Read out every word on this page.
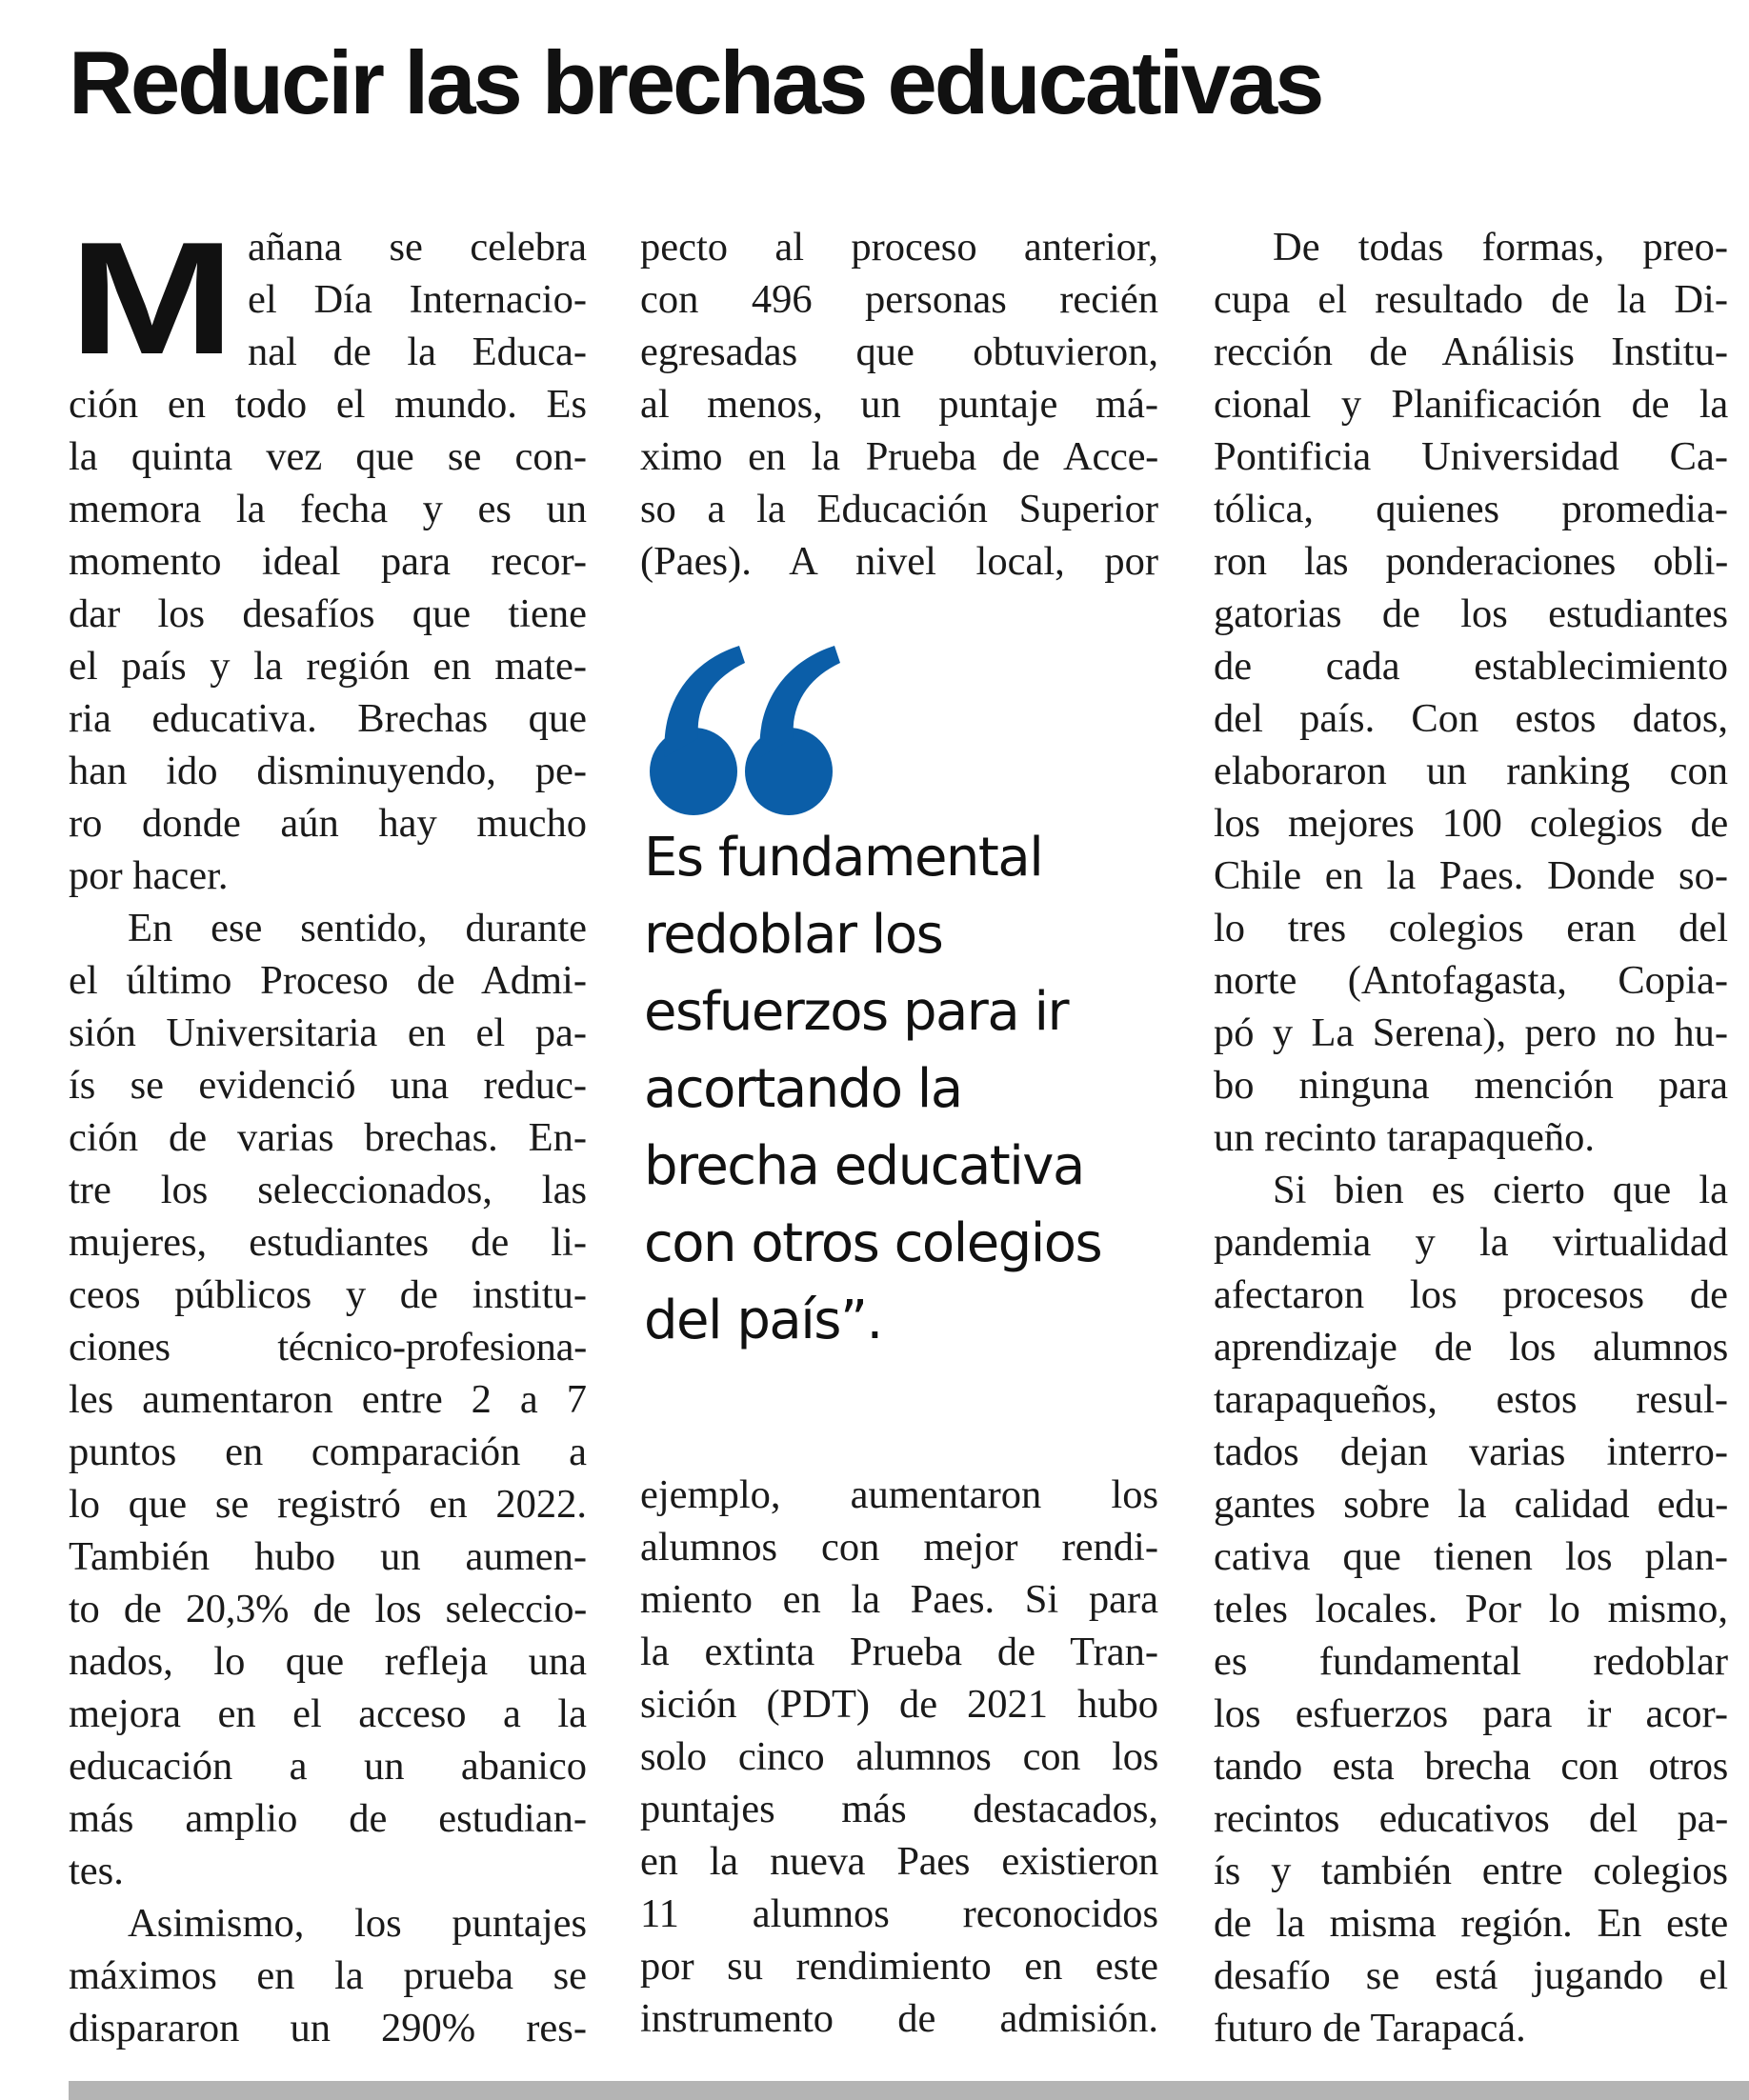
Reducir las brechas educativas
M añana se celebra

el Día Internacio-

nal de la Educa-

ción en todo el mundo. Es

la quinta vez que se con-

memora la fecha y es un

momento ideal para recor-

dar los desafíos que tiene

el país y la región en mate-

ria educativa. Brechas que

han ido disminuyendo, pe-

ro donde aún hay mucho

por hacer.

En ese sentido, durante

el último Proceso de Admi-

sión Universitaria en el pa-

ís se evidenció una reduc-

ción de varias brechas. En-

tre los seleccionados, las

mujeres, estudiantes de li-

ceos públicos y de institu-

ciones técnico-profesiona-

les aumentaron entre 2 a 7

puntos en comparación a

lo que se registró en 2022.

También hubo un aumen-

to de 20,3% de los seleccio-

nados, lo que refleja una

mejora en el acceso a la

educación a un abanico

más amplio de estudian-

tes.

Asimismo, los puntajes

máximos en la prueba se

dispararon un 290% res-

pecto al proceso anterior,

con 496 personas recién

egresadas que obtuvieron,

al menos, un puntaje má-

ximo en la Prueba de Acce-

so a la Educación Superior

(Paes). A nivel local, por

Es fundamental
redoblar los
esfuerzos para ir
acortando la
brecha educativa
con otros colegios
del país”.

ejemplo, aumentaron los

alumnos con mejor rendi-

miento en la Paes. Si para

la extinta Prueba de Tran-

sición (PDT) de 2021 hubo

solo cinco alumnos con los

puntajes más destacados,

en la nueva Paes existieron

11 alumnos reconocidos

por su rendimiento en este

instrumento de admisión.

De todas formas, preo-

cupa el resultado de la Di-

rección de Análisis Institu-

cional y Planificación de la

Pontificia Universidad Ca-

tólica, quienes promedia-

ron las ponderaciones obli-

gatorias de los estudiantes

de cada establecimiento

del país. Con estos datos,

elaboraron un ranking con

los mejores 100 colegios de

Chile en la Paes. Donde so-

lo tres colegios eran del

norte (Antofagasta, Copia-

pó y La Serena), pero no hu-

bo ninguna mención para

un recinto tarapaqueño.

Si bien es cierto que la

pandemia y la virtualidad

afectaron los procesos de

aprendizaje de los alumnos

tarapaqueños, estos resul-

tados dejan varias interro-

gantes sobre la calidad edu-

cativa que tienen los plan-

teles locales. Por lo mismo,

es fundamental redoblar

los esfuerzos para ir acor-

tando esta brecha con otros

recintos educativos del pa-

ís y también entre colegios

de la misma región. En este

desafío se está jugando el

futuro de Tarapacá.
